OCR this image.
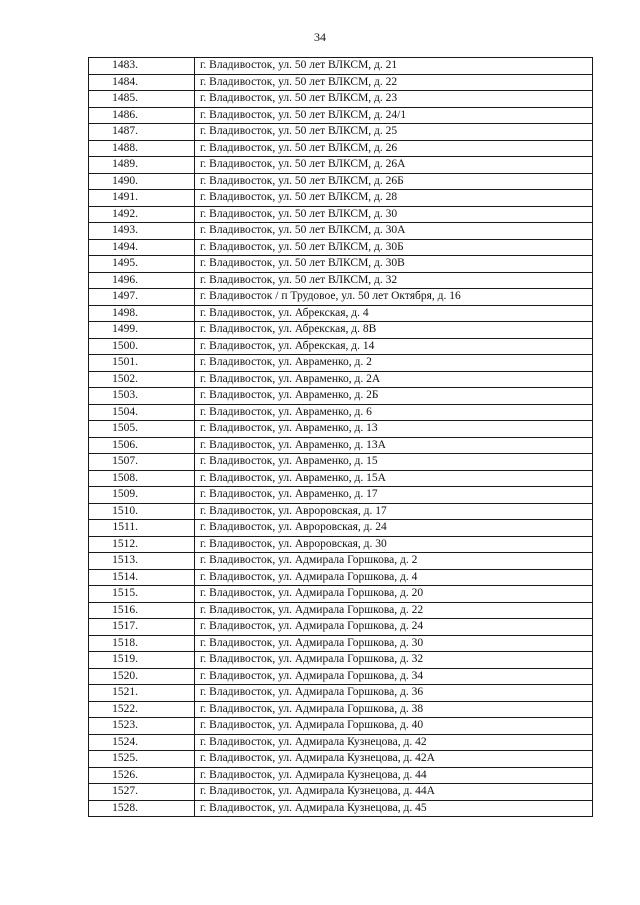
34
1483.	г. Владивосток, ул. 50 лет ВЛКСМ, д. 21
1484.	г. Владивосток, ул. 50 лет ВЛКСМ, д. 22
1485.	г. Владивосток, ул. 50 лет ВЛКСМ, д. 23
1486.	г. Владивосток, ул. 50 лет ВЛКСМ, д. 24/1
1487.	г. Владивосток, ул. 50 лет ВЛКСМ, д. 25
1488.	г. Владивосток, ул. 50 лет ВЛКСМ, д. 26
1489.	г. Владивосток, ул. 50 лет ВЛКСМ, д. 26А
1490.	г. Владивосток, ул. 50 лет ВЛКСМ, д. 26Б
1491.	г. Владивосток, ул. 50 лет ВЛКСМ, д. 28
1492.	г. Владивосток, ул. 50 лет ВЛКСМ, д. 30
1493.	г. Владивосток, ул. 50 лет ВЛКСМ, д. 30А
1494.	г. Владивосток, ул. 50 лет ВЛКСМ, д. 30Б
1495.	г. Владивосток, ул. 50 лет ВЛКСМ, д. 30В
1496.	г. Владивосток, ул. 50 лет ВЛКСМ, д. 32
1497.	г. Владивосток / п Трудовое, ул. 50 лет Октября, д. 16
1498.	г. Владивосток, ул. Абрекская, д. 4
1499.	г. Владивосток, ул. Абрекская, д. 8В
1500.	г. Владивосток, ул. Абрекская, д. 14
1501.	г. Владивосток, ул. Авраменко, д. 2
1502.	г. Владивосток, ул. Авраменко, д. 2А
1503.	г. Владивосток, ул. Авраменко, д. 2Б
1504.	г. Владивосток, ул. Авраменко, д. 6
1505.	г. Владивосток, ул. Авраменко, д. 13
1506.	г. Владивосток, ул. Авраменко, д. 13А
1507.	г. Владивосток, ул. Авраменко, д. 15
1508.	г. Владивосток, ул. Авраменко, д. 15А
1509.	г. Владивосток, ул. Авраменко, д. 17
1510.	г. Владивосток, ул. Авроровская, д. 17
1511.	г. Владивосток, ул. Авроровская, д. 24
1512.	г. Владивосток, ул. Авроровская, д. 30
1513.	г. Владивосток, ул. Адмирала Горшкова, д. 2
1514.	г. Владивосток, ул. Адмирала Горшкова, д. 4
1515.	г. Владивосток, ул. Адмирала Горшкова, д. 20
1516.	г. Владивосток, ул. Адмирала Горшкова, д. 22
1517.	г. Владивосток, ул. Адмирала Горшкова, д. 24
1518.	г. Владивосток, ул. Адмирала Горшкова, д. 30
1519.	г. Владивосток, ул. Адмирала Горшкова, д. 32
1520.	г. Владивосток, ул. Адмирала Горшкова, д. 34
1521.	г. Владивосток, ул. Адмирала Горшкова, д. 36
1522.	г. Владивосток, ул. Адмирала Горшкова, д. 38
1523.	г. Владивосток, ул. Адмирала Горшкова, д. 40
1524.	г. Владивосток, ул. Адмирала Кузнецова, д. 42
1525.	г. Владивосток, ул. Адмирала Кузнецова, д. 42А
1526.	г. Владивосток, ул. Адмирала Кузнецова, д. 44
1527.	г. Владивосток, ул. Адмирала Кузнецова, д. 44А
1528.	г. Владивосток, ул. Адмирала Кузнецова, д. 45
